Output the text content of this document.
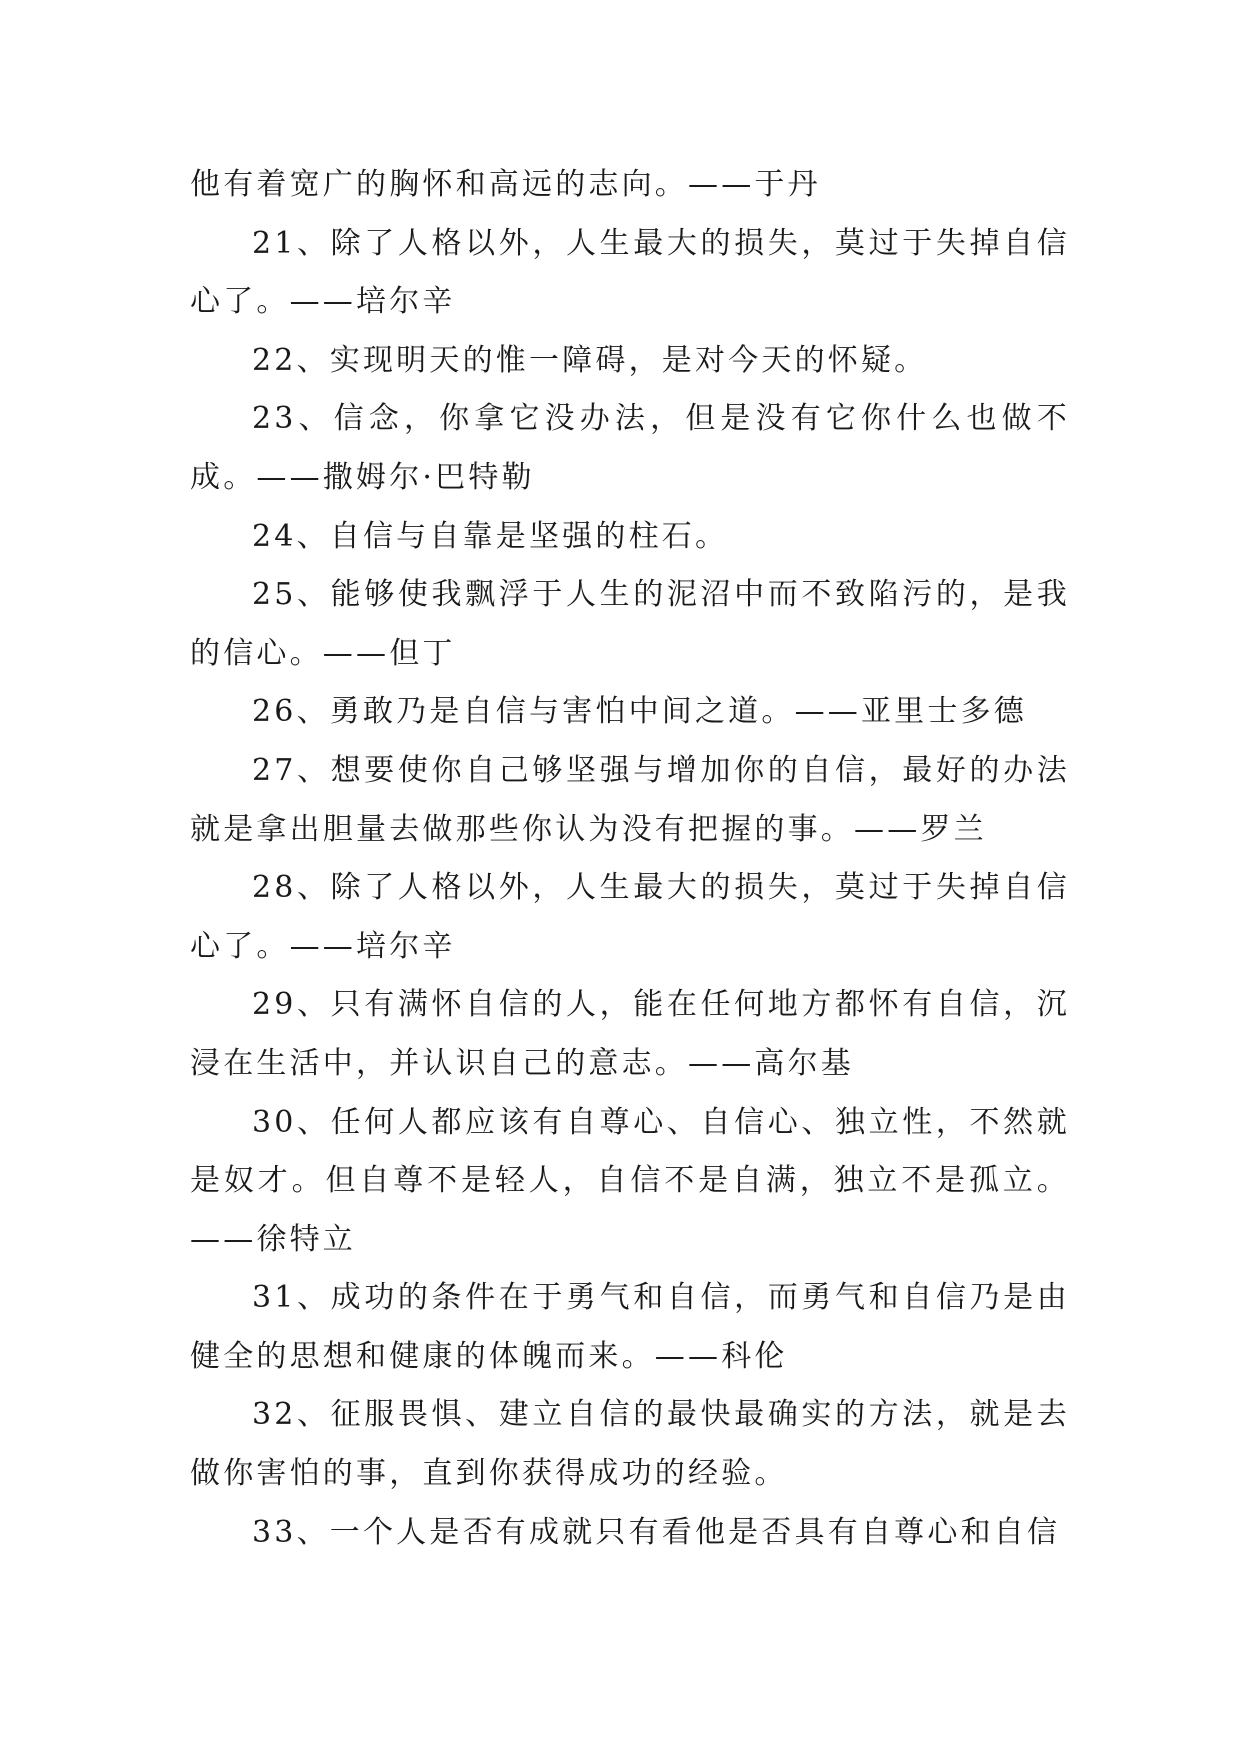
他有着宽广的胸怀和高远的志向。——于丹

21、除了人格以外，人生最大的损失，莫过于失掉自信心了。——培尔辛

22、实现明天的惟一障碍，是对今天的怀疑。

23、信念，你拿它没办法，但是没有它你什么也做不成。——撒姆尔·巴特勒

24、自信与自靠是坚强的柱石。

25、能够使我飘浮于人生的泥沼中而不致陷污的，是我的信心。——但丁

26、勇敢乃是自信与害怕中间之道。——亚里士多德

27、想要使你自己够坚强与增加你的自信，最好的办法就是拿出胆量去做那些你认为没有把握的事。——罗兰

28、除了人格以外，人生最大的损失，莫过于失掉自信心了。——培尔辛

29、只有满怀自信的人，能在任何地方都怀有自信，沉浸在生活中，并认识自己的意志。——高尔基

30、任何人都应该有自尊心、自信心、独立性，不然就是奴才。但自尊不是轻人，自信不是自满，独立不是孤立。——徐特立

31、成功的条件在于勇气和自信，而勇气和自信乃是由健全的思想和健康的体魄而来。——科伦

32、征服畏惧、建立自信的最快最确实的方法，就是去做你害怕的事，直到你获得成功的经验。

33、一个人是否有成就只有看他是否具有自尊心和自信
